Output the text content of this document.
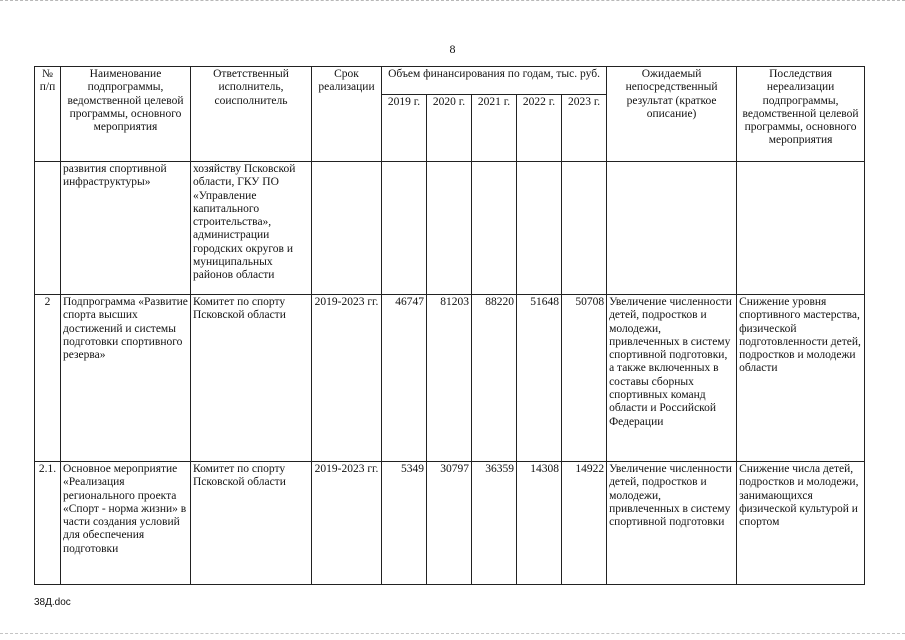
8
№ п/п	Наименование подпрограммы, ведомственной целевой программы, основного мероприятия	Ответственный исполнитель, соисполнитель	Срок реализации	Объем финансирования по годам, тыс. руб.					Ожидаемый непосредственный результат (краткое описание)	Последствия нереализации подпрограммы, ведомственной целевой программы, основного мероприятия
				2019 г.	2020 г.	2021 г.	2022 г.	2023 г.		
	развития спортивной инфраструктуры»	хозяйству Псковской области, ГКУ ПО «Управление капитального строительства», администрации городских округов и муниципальных районов области								
2	Подпрограмма «Развитие спорта высших достижений и системы подготовки спортивного резерва»	Комитет по спорту Псковской области	2019-2023 гг.	46747	81203	88220	51648	50708	Увеличение численности детей, подростков и молодежи, привлеченных в систему спортивной подготовки, а также включенных в составы сборных спортивных команд области и Российской Федерации	Снижение уровня спортивного мастерства, физической подготовленности детей, подростков и молодежи области
2.1.	Основное мероприятие «Реализация регионального проекта «Спорт - норма жизни» в части создания условий для обеспечения подготовки	Комитет по спорту Псковской области	2019-2023 гг.	5349	30797	36359	14308	14922	Увеличение численности детей, подростков и молодежи, привлеченных в систему спортивной подготовки	Снижение числа детей, подростков и молодежи, занимающихся физической культурой и спортом
38Д.doc
